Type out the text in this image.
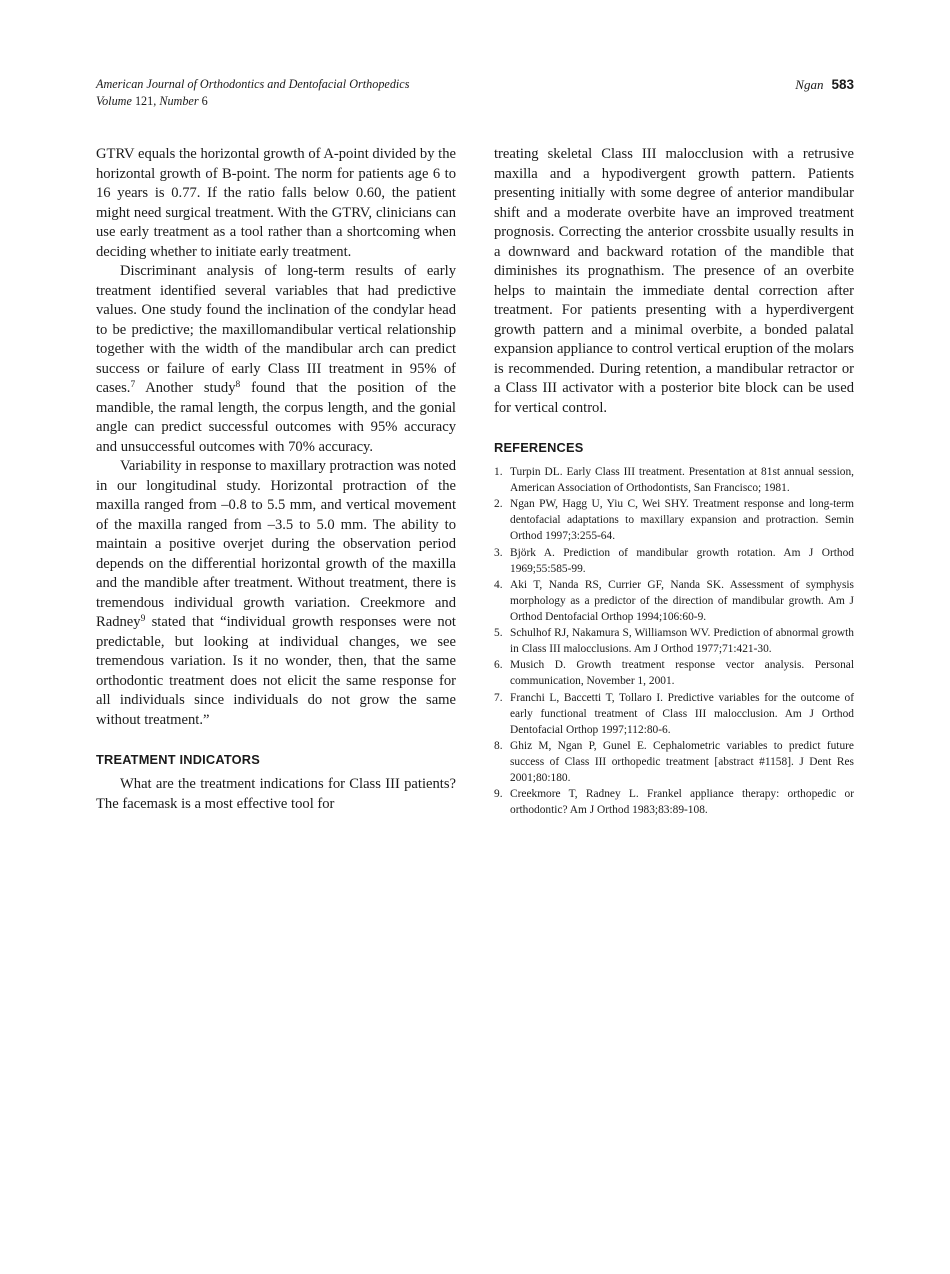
American Journal of Orthodontics and Dentofacial Orthopedics
Volume 121, Number 6
Ngan 583

GTRV equals the horizontal growth of A-point divided by the horizontal growth of B-point. The norm for patients age 6 to 16 years is 0.77. If the ratio falls below 0.60, the patient might need surgical treatment. With the GTRV, clinicians can use early treatment as a tool rather than a shortcoming when deciding whether to initiate early treatment.

Discriminant analysis of long-term results of early treatment identified several variables that had predictive values. One study found the inclination of the condylar head to be predictive; the maxillomandibular vertical relationship together with the width of the mandibular arch can predict success or failure of early Class III treatment in 95% of cases.$^7$ Another study$^8$ found that the position of the mandible, the ramal length, the corpus length, and the gonial angle can predict successful outcomes with 95% accuracy and unsuccessful outcomes with 70% accuracy.

Variability in response to maxillary protraction was noted in our longitudinal study. Horizontal protraction of the maxilla ranged from –0.8 to 5.5 mm, and vertical movement of the maxilla ranged from –3.5 to 5.0 mm. The ability to maintain a positive overjet during the observation period depends on the differential horizontal growth of the maxilla and the mandible after treatment. Without treatment, there is tremendous individual growth variation. Creekmore and Radney$^9$ stated that “individual growth responses were not predictable, but looking at individual changes, we see tremendous variation. Is it no wonder, then, that the same orthodontic treatment does not elicit the same response for all individuals since individuals do not grow the same without treatment.”

TREATMENT INDICATORS

What are the treatment indications for Class III patients? The facemask is a most effective tool for

treating skeletal Class III malocclusion with a retrusive maxilla and a hypodivergent growth pattern. Patients presenting initially with some degree of anterior mandibular shift and a moderate overbite have an improved treatment prognosis. Correcting the anterior crossbite usually results in a downward and backward rotation of the mandible that diminishes its prognathism. The presence of an overbite helps to maintain the immediate dental correction after treatment. For patients presenting with a hyperdivergent growth pattern and a minimal overbite, a bonded palatal expansion appliance to control vertical eruption of the molars is recommended. During retention, a mandibular retractor or a Class III activator with a posterior bite block can be used for vertical control.

REFERENCES
1. Turpin DL. Early Class III treatment. Presentation at 81st annual session, American Association of Orthodontists, San Francisco; 1981.
2. Ngan PW, Hagg U, Yiu C, Wei SHY. Treatment response and long-term dentofacial adaptations to maxillary expansion and protraction. Semin Orthod 1997;3:255-64.
3. Björk A. Prediction of mandibular growth rotation. Am J Orthod 1969;55:585-99.
4. Aki T, Nanda RS, Currier GF, Nanda SK. Assessment of symphysis morphology as a predictor of the direction of mandibular growth. Am J Orthod Dentofacial Orthop 1994;106:60-9.
5. Schulhof RJ, Nakamura S, Williamson WV. Prediction of abnormal growth in Class III malocclusions. Am J Orthod 1977;71:421-30.
6. Musich D. Growth treatment response vector analysis. Personal communication, November 1, 2001.
7. Franchi L, Baccetti T, Tollaro I. Predictive variables for the outcome of early functional treatment of Class III malocclusion. Am J Orthod Dentofacial Orthop 1997;112:80-6.
8. Ghiz M, Ngan P, Gunel E. Cephalometric variables to predict future success of Class III orthopedic treatment [abstract #1158]. J Dent Res 2001;80:180.
9. Creekmore T, Radney L. Frankel appliance therapy: orthopedic or orthodontic? Am J Orthod 1983;83:89-108.
